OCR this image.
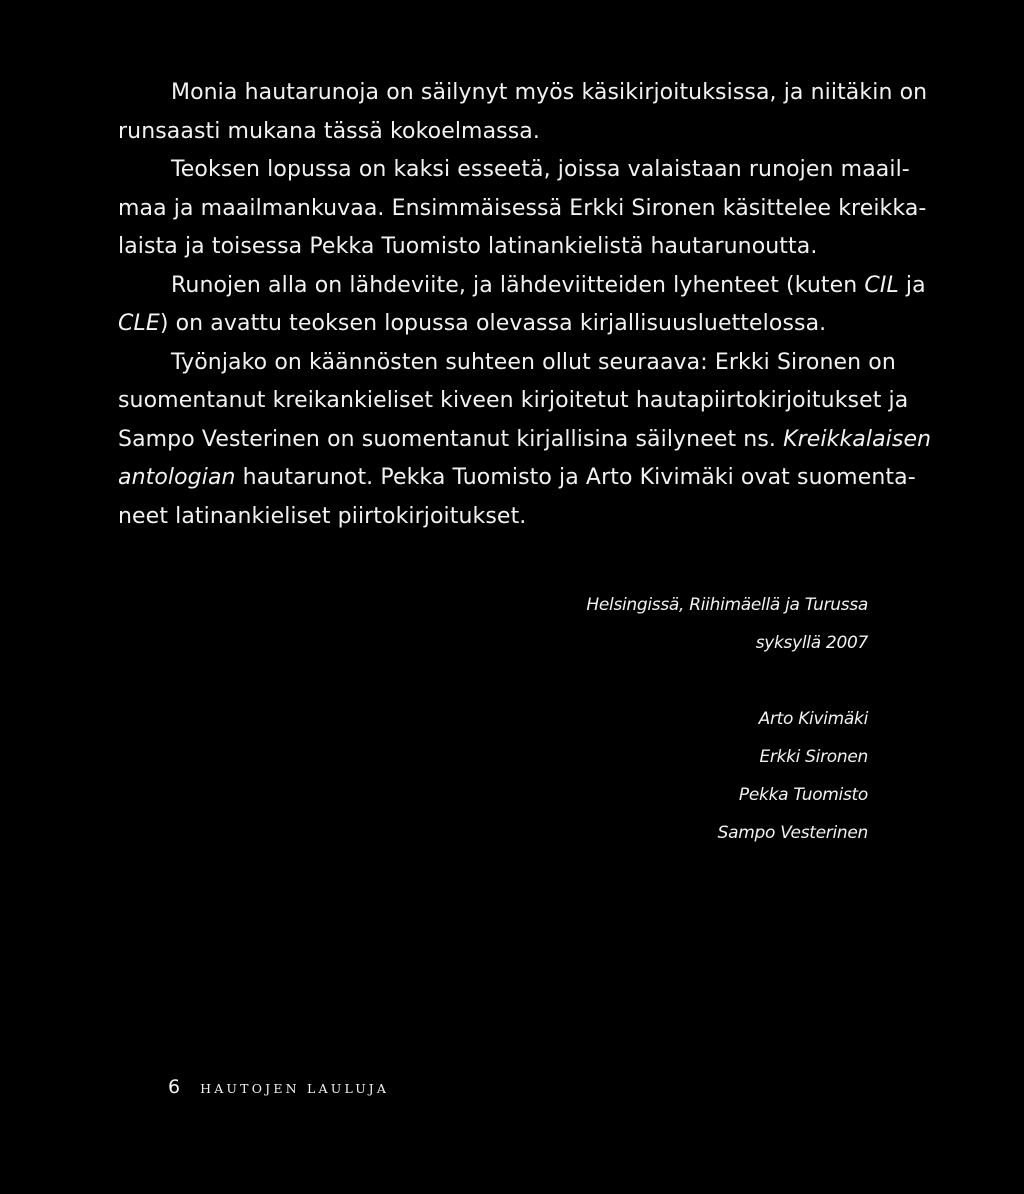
Monia hautarunoja on säilynyt myös käsikirjoituksissa, ja niitäkin on
runsaasti mukana tässä kokoelmassa.
Teoksen lopussa on kaksi esseetä, joissa valaistaan runojen maail-
maa ja maailmankuvaa. Ensimmäisessä Erkki Sironen käsittelee kreikka-
laista ja toisessa Pekka Tuomisto latinankielistä hautarunoutta.
Runojen alla on lähdeviite, ja lähdeviitteiden lyhenteet (kuten CIL ja
CLE) on avattu teoksen lopussa olevassa kirjallisuusluettelossa.
Työnjako on käännösten suhteen ollut seuraava: Erkki Sironen on
suomentanut kreikankieliset kiveen kirjoitetut hautapiirtokirjoitukset ja
Sampo Vesterinen on suomentanut kirjallisina säilyneet ns. Kreikkalaisen
antologian hautarunot. Pekka Tuomisto ja Arto Kivimäki ovat suomenta-
neet latinankieliset piirtokirjoitukset.
Helsingissä, Riihimäellä ja Turussa
syksyllä 2007
Arto Kivimäki
Erkki Sironen
Pekka Tuomisto
Sampo Vesterinen
6 HAUTOJEN LAULUJA
